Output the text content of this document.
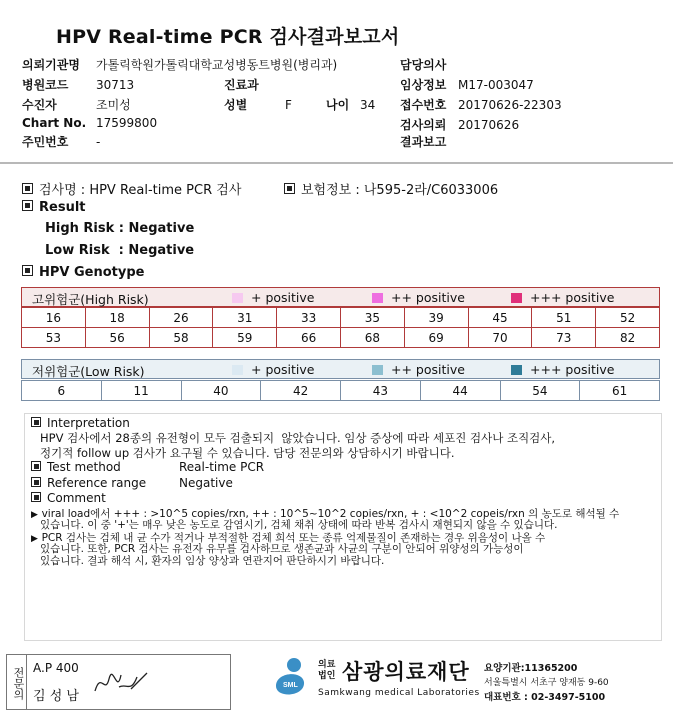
HPV Real-time PCR 검사결과보고서
의뢰기관명 가톨릭학원가톨릭대학교성병동트병원(병리과)	담당의사
병원코드 30713	진료과	임상정보 M17-003047
수진자	조미성	성별	F	나이 34 접수번호 20170626-22303
Chart No. 17599800	검사의뢰 20170626
주민번호 -	결과보고
검사명 : HPV Real-time PCR 검사	보험정보 : 나595-2라/C6033006
Result
High Risk : Negative
Low Risk  : Negative
HPV Genotype
고위험군(High Risk)	+ positive	++ positive	+++ positive
16	18	26	31	33	35	39	45	51	52
53	56	58	59	66	68	69	70	73	82
저위험군(Low Risk)	+ positive	++ positive	+++ positive
6	11	40	42	43	44	54	61
Interpretation
HPV 검사에서 28종의 유전형이 모두 검출되지  않았습니다. 임상 증상에 따라 세포진 검사나 조직검사,
정기적 follow up 검사가 요구될 수 있습니다. 담당 전문의와 상담하시기 바랍니다.
Test method	Real-time PCR
Reference range	Negative
Comment
▶ viral load에서 +++ : >10^5 copies/rxn, ++ : 10^5~10^2 copies/rxn, + : <10^2 copeis/rxn 의 농도로 해석될 수
있습니다. 이 중 '+'는 매우 낮은 농도로 감염시기, 검체 채취 상태에 따라 반복 검사시 재현되지 않을 수 있습니다.
▶ PCR 검사는 검체 내 균 수가 적거나 부적절한 검체 희석 또는 종류 억제물질이 존재하는 경우 위음성이 나올 수
있습니다. 또한, PCR 검사는 유전자 유무를 검사하므로 생존균과 사균의 구분이 안되어 위양성의 가능성이
있습니다. 결과 해석 시, 환자의 임상 양상과 연관지어 판단하시기 바랍니다.
전문의 A.P 400
김 성 남
SML
의료
법인 삼광의료재단
Samkwang medical Laboratories
요양기관:11365200
서울특별시 서초구 양재동 9-60
대표번호 : 02-3497-5100
